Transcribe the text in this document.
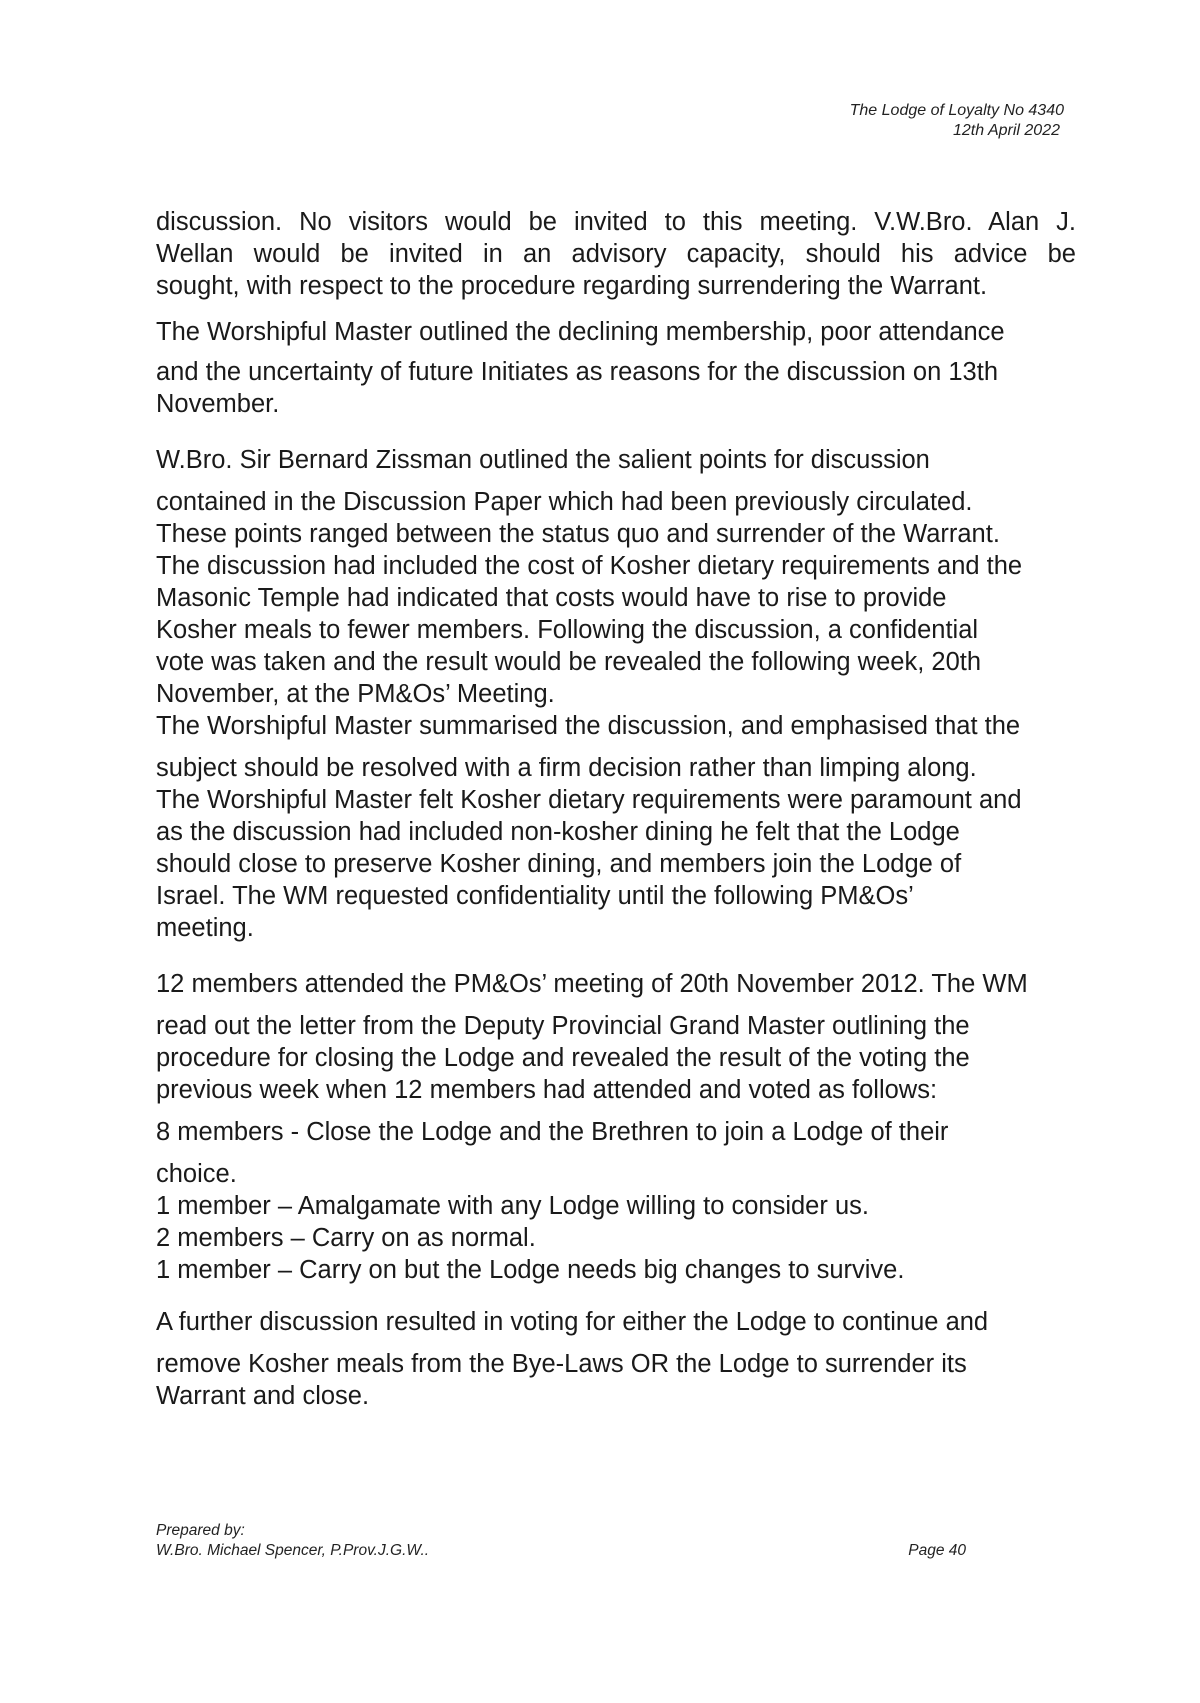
The Lodge of Loyalty No 4340
12th April 2022

discussion. No visitors would be invited to this meeting. V.W.Bro. Alan J.
Wellan would be invited in an advisory capacity, should his advice be
sought, with respect to the procedure regarding surrendering the Warrant.

The Worshipful Master outlined the declining membership, poor attendance
and the uncertainty of future Initiates as reasons for the discussion on 13th
November.

W.Bro. Sir Bernard Zissman outlined the salient points for discussion
contained in the Discussion Paper which had been previously circulated.
These points ranged between the status quo and surrender of the Warrant.
The discussion had included the cost of Kosher dietary requirements and the
Masonic Temple had indicated that costs would have to rise to provide
Kosher meals to fewer members. Following the discussion, a confidential
vote was taken and the result would be revealed the following week, 20th
November, at the PM&Os’ Meeting.

The Worshipful Master summarised the discussion, and emphasised that the
subject should be resolved with a firm decision rather than limping along.
The Worshipful Master felt Kosher dietary requirements were paramount and
as the discussion had included non-kosher dining he felt that the Lodge
should close to preserve Kosher dining, and members join the Lodge of
Israel. The WM requested confidentiality until the following PM&Os’
meeting.

12 members attended the PM&Os’ meeting of 20th November 2012. The WM
read out the letter from the Deputy Provincial Grand Master outlining the
procedure for closing the Lodge and revealed the result of the voting the
previous week when 12 members had attended and voted as follows:

8 members - Close the Lodge and the Brethren to join a Lodge of their
choice.
1 member – Amalgamate with any Lodge willing to consider us.
2 members – Carry on as normal.
1 member – Carry on but the Lodge needs big changes to survive.

A further discussion resulted in voting for either the Lodge to continue and
remove Kosher meals from the Bye-Laws OR the Lodge to surrender its
Warrant and close.

Prepared by:
W.Bro. Michael Spencer, P.Prov.J.G.W..	Page 40
